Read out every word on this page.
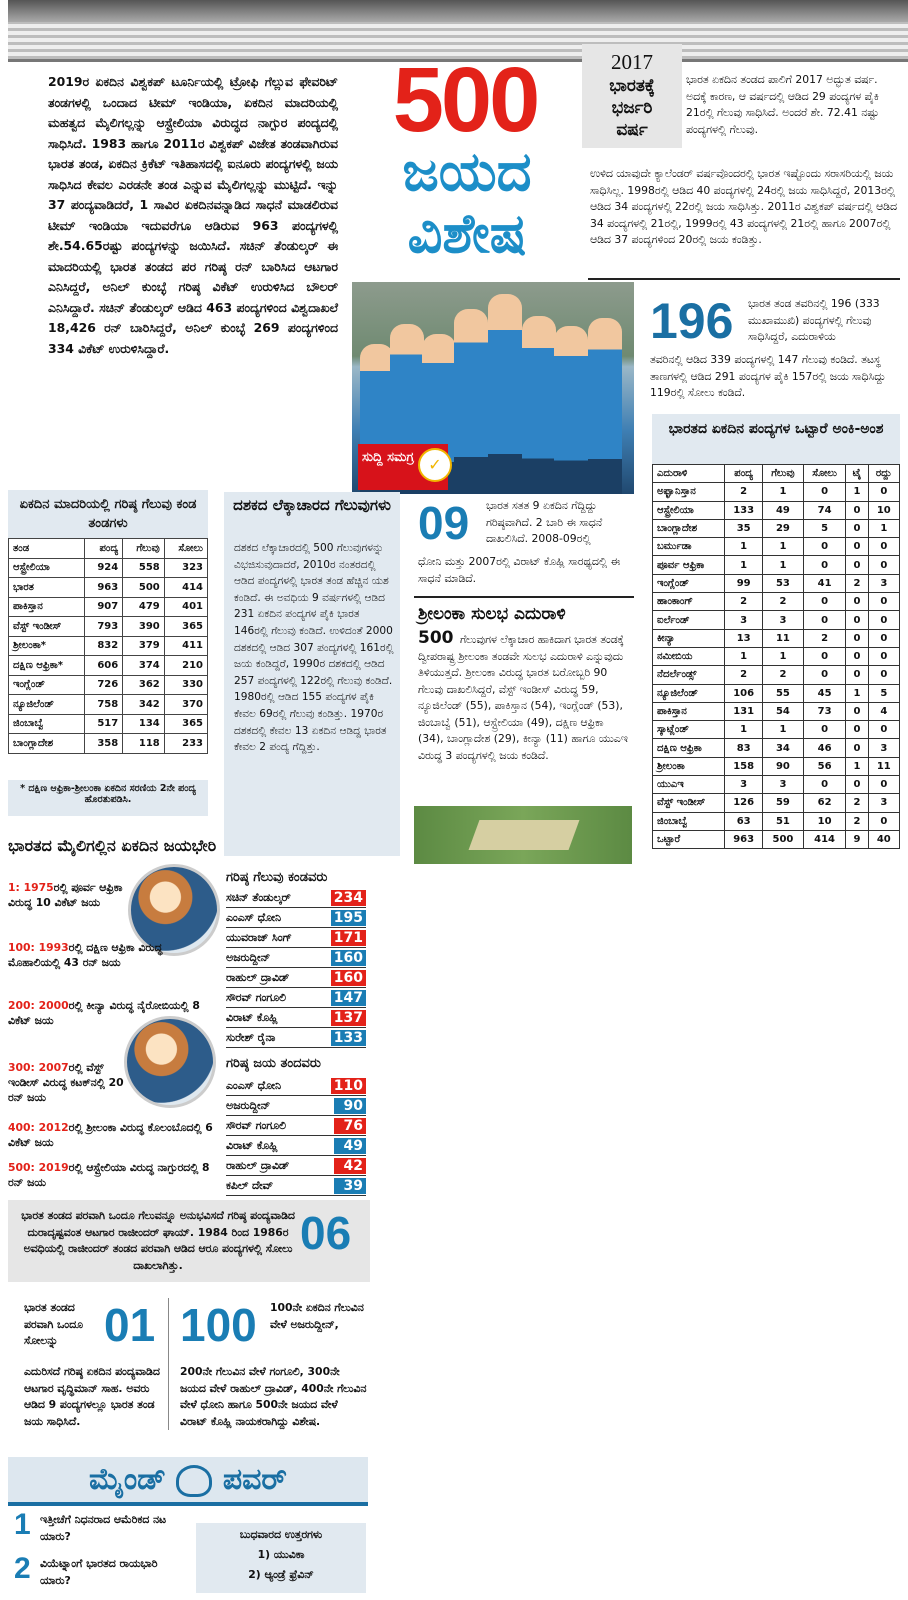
2019ರ ಏಕದಿನ ವಿಶ್ವಕಪ್ ಟೂರ್ನಿಯಲ್ಲಿ ಟ್ರೋಫಿ ಗೆಲ್ಲುವ ಫೇವರಿಟ್ ತಂಡಗಳಲ್ಲಿ ಒಂದಾದ ಟೀಮ್ ಇಂಡಿಯಾ, ಏಕದಿನ ಮಾದರಿಯಲ್ಲಿ ಮಹತ್ವದ ಮೈಲಿಗಲ್ಲನ್ನು ಆಸ್ಟ್ರೇಲಿಯಾ ವಿರುದ್ಧದ ನಾಗ್ಪುರ ಪಂದ್ಯದಲ್ಲಿ ಸಾಧಿಸಿದೆ. 1983 ಹಾಗೂ 2011ರ ವಿಶ್ವಕಪ್ ವಿಜೇತ ತಂಡವಾಗಿರುವ ಭಾರತ ತಂಡ, ಏಕದಿನ ಕ್ರಿಕೆಟ್ ಇತಿಹಾಸದಲ್ಲಿ ಐನೂರು ಪಂದ್ಯಗಳಲ್ಲಿ ಜಯ ಸಾಧಿಸಿದ ಕೇವಲ ಎರಡನೇ ತಂಡ ಎನ್ನುವ ಮೈಲಿಗಲ್ಲನ್ನು ಮುಟ್ಟಿದೆ. ಇನ್ನು 37 ಪಂದ್ಯವಾಡಿದರೆ, 1 ಸಾವಿರ ಏಕದಿನವನ್ನಾಡಿದ ಸಾಧನೆ ಮಾಡಲಿರುವ ಟೀಮ್ ಇಂಡಿಯಾ ಇದುವರೆಗೂ ಆಡಿರುವ 963 ಪಂದ್ಯಗಳಲ್ಲಿ ಶೇ.54.65ರಷ್ಟು ಪಂದ್ಯಗಳನ್ನು ಜಯಿಸಿದೆ. ಸಚಿನ್ ತೆಂಡುಲ್ಕರ್ ಈ ಮಾದರಿಯಲ್ಲಿ ಭಾರತ ತಂಡದ ಪರ ಗರಿಷ್ಠ ರನ್ ಬಾರಿಸಿದ ಆಟಗಾರ ಎನಿಸಿದ್ದರೆ, ಅನಿಲ್ ಕುಂಬ್ಳೆ ಗರಿಷ್ಠ ವಿಕೆಟ್ ಉರುಳಿಸಿದ ಬೌಲರ್ ಎನಿಸಿದ್ದಾರೆ. ಸಚಿನ್ ತೆಂಡುಲ್ಕರ್ ಆಡಿದ 463 ಪಂದ್ಯಗಳಿಂದ ವಿಶ್ವದಾಖಲೆ 18,426 ರನ್ ಬಾರಿಸಿದ್ದರೆ, ಅನಿಲ್ ಕುಂಬ್ಳೆ 269 ಪಂದ್ಯಗಳಿಂದ 334 ವಿಕೆಟ್ ಉರುಳಿಸಿದ್ದಾರೆ.
500
ಜಯದ
ವಿಶೇಷ
2017
ಭಾರತಕ್ಕೆ
ಭರ್ಜರಿ
ವರ್ಷ
ಭಾರತ ಏಕದಿನ ತಂಡದ ಪಾಲಿಗೆ 2017 ಅದ್ಭುತ ವರ್ಷ. ಅದಕ್ಕೆ ಕಾರಣ, ಆ ವರ್ಷದಲ್ಲಿ ಆಡಿದ 29 ಪಂದ್ಯಗಳ ಪೈಕಿ 21ರಲ್ಲಿ ಗೆಲುವು ಸಾಧಿಸಿದೆ. ಅಂದರೆ ಶೇ. 72.41 ನಷ್ಟು ಪಂದ್ಯಗಳಲ್ಲಿ ಗೆಲುವು.
ಉಳಿದ ಯಾವುದೇ ಕ್ಯಾಲೆಂಡರ್ ವರ್ಷವೊಂದರಲ್ಲಿ ಭಾರತ ಇಷ್ಟೊಂದು ಸರಾಸರಿಯಲ್ಲಿ ಜಯ ಸಾಧಿಸಿಲ್ಲ. 1998ರಲ್ಲಿ ಆಡಿದ 40 ಪಂದ್ಯಗಳಲ್ಲಿ 24ರಲ್ಲಿ ಜಯ ಸಾಧಿಸಿದ್ದರೆ, 2013ರಲ್ಲಿ ಆಡಿದ 34 ಪಂದ್ಯಗಳಲ್ಲಿ 22ರಲ್ಲಿ ಜಯ ಸಾಧಿಸಿತ್ತು. 2011ರ ವಿಶ್ವಕಪ್ ವರ್ಷದಲ್ಲಿ ಆಡಿದ 34 ಪಂದ್ಯಗಳಲ್ಲಿ 21ರಲ್ಲಿ, 1999ರಲ್ಲಿ 43 ಪಂದ್ಯಗಳಲ್ಲಿ 21ರಲ್ಲಿ ಹಾಗೂ 2007ರಲ್ಲಿ ಆಡಿದ 37 ಪಂದ್ಯಗಳಿಂದ 20ರಲ್ಲಿ ಜಯ ಕಂಡಿತ್ತು.
ಸುದ್ದಿ ಸಮಗ್ರ ✓
196 ಭಾರತ ತಂಡ ತವರಿನಲ್ಲಿ 196 (333 ಮುಖಾಮುಖಿ) ಪಂದ್ಯಗಳಲ್ಲಿ ಗೆಲುವು ಸಾಧಿಸಿದ್ದರೆ, ಎದುರಾಳಿಯ
ತವರಿನಲ್ಲಿ ಆಡಿದ 339 ಪಂದ್ಯಗಳಲ್ಲಿ 147 ಗೆಲುವು ಕಂಡಿದೆ. ತಟಸ್ಥ ತಾಣಗಳಲ್ಲಿ ಆಡಿದ 291 ಪಂದ್ಯಗಳ ಪೈಕಿ 157ರಲ್ಲಿ ಜಯ ಸಾಧಿಸಿದ್ದು 119ರಲ್ಲಿ ಸೋಲು ಕಂಡಿದೆ.
ಭಾರತದ ಏಕದಿನ ಪಂದ್ಯಗಳ ಒಟ್ಟಾರೆ ಅಂಕಿ-ಅಂಶ
ಎದುರಾಳಿ	ಪಂದ್ಯ	ಗೆಲುವು	ಸೋಲು	ಟೈ	ರದ್ದು
ಅಫ್ಘಾನಿಸ್ತಾನ	2	1	0	1	0
ಆಸ್ಟ್ರೇಲಿಯಾ	133	49	74	0	10
ಬಾಂಗ್ಲಾದೇಶ	35	29	5	0	1
ಬರ್ಮುಡಾ	1	1	0	0	0
ಪೂರ್ವ ಆಫ್ರಿಕಾ	1	1	0	0	0
ಇಂಗ್ಲೆಂಡ್	99	53	41	2	3
ಹಾಂಕಾಂಗ್	2	2	0	0	0
ಐರ್ಲೆಂಡ್	3	3	0	0	0
ಕೀನ್ಯಾ	13	11	2	0	0
ನಮೀಬಿಯ	1	1	0	0	0
ನೆದರ್ಲೆಂಡ್ಸ್	2	2	0	0	0
ನ್ಯೂಜಿಲೆಂಡ್	106	55	45	1	5
ಪಾಕಿಸ್ತಾನ	131	54	73	0	4
ಸ್ಕಾಟ್ಲೆಂಡ್	1	1	0	0	0
ದಕ್ಷಿಣ ಆಫ್ರಿಕಾ	83	34	46	0	3
ಶ್ರೀಲಂಕಾ	158	90	56	1	11
ಯುಎಇ	3	3	0	0	0
ವೆಸ್ಟ್ ಇಂಡೀಸ್	126	59	62	2	3
ಜಿಂಬಾಬ್ವೆ	63	51	10	2	0
ಒಟ್ಟಾರೆ	963	500	414	9	40
ಏಕದಿನ ಮಾದರಿಯಲ್ಲಿ ಗರಿಷ್ಠ ಗೆಲುವು ಕಂಡ ತಂಡಗಳು
ತಂಡ	ಪಂದ್ಯ	ಗೆಲುವು	ಸೋಲು
ಆಸ್ಟ್ರೇಲಿಯಾ	924	558	323
ಭಾರತ	963	500	414
ಪಾಕಿಸ್ತಾನ	907	479	401
ವೆಸ್ಟ್ ಇಂಡೀಸ್	793	390	365
ಶ್ರೀಲಂಕಾ*	832	379	411
ದಕ್ಷಿಣ ಆಫ್ರಿಕಾ*	606	374	210
ಇಂಗ್ಲೆಂಡ್	726	362	330
ನ್ಯೂಜಿಲೆಂಡ್	758	342	370
ಜಿಂಬಾಬ್ವೆ	517	134	365
ಬಾಂಗ್ಲಾದೇಶ	358	118	233
* ದಕ್ಷಿಣ ಆಫ್ರಿಕಾ-ಶ್ರೀಲಂಕಾ ಏಕದಿನ ಸರಣಿಯ 2ನೇ ಪಂದ್ಯ ಹೊರತುಪಡಿಸಿ.
ದಶಕದ ಲೆಕ್ಕಾಚಾರದ ಗೆಲುವುಗಳು
ದಶಕದ ಲೆಕ್ಕಾಚಾರದಲ್ಲಿ 500 ಗೆಲುವುಗಳನ್ನು ವಿಭಜಿಸುವುದಾದರೆ, 2010ರ ನಂತರದಲ್ಲಿ ಆಡಿದ ಪಂದ್ಯಗಳಲ್ಲಿ ಭಾರತ ತಂಡ ಹೆಚ್ಚಿನ ಯಶ ಕಂಡಿದೆ. ಈ ಅವಧಿಯ 9 ವರ್ಷಗಳಲ್ಲಿ ಆಡಿದ 231 ಏಕದಿನ ಪಂದ್ಯಗಳ ಪೈಕಿ ಭಾರತ 146ರಲ್ಲಿ ಗೆಲುವು ಕಂಡಿದೆ. ಉಳಿದಂತೆ 2000 ದಶಕದಲ್ಲಿ ಆಡಿದ 307 ಪಂದ್ಯಗಳಲ್ಲಿ 161ರಲ್ಲಿ ಜಯ ಕಂಡಿದ್ದರೆ, 1990ರ ದಶಕದಲ್ಲಿ ಆಡಿದ 257 ಪಂದ್ಯಗಳಲ್ಲಿ 122ರಲ್ಲಿ ಗೆಲುವು ಕಂಡಿದೆ. 1980ರಲ್ಲಿ ಆಡಿದ 155 ಪಂದ್ಯಗಳ ಪೈಕಿ ಕೇವಲ 69ರಲ್ಲಿ ಗೆಲುವು ಕಂಡಿತ್ತು. 1970ರ ದಶಕದಲ್ಲಿ ಕೇವಲ 13 ಏಕದಿನ ಆಡಿದ್ದ ಭಾರತ ಕೇವಲ 2 ಪಂದ್ಯ ಗೆದ್ದಿತ್ತು.
09 ಭಾರತ ಸತತ 9 ಏಕದಿನ ಗೆದ್ದಿದ್ದು ಗರಿಷ್ಠವಾಗಿದೆ. 2 ಬಾರಿ ಈ ಸಾಧನೆ ದಾಖಲಿಸಿದೆ. 2008-09ರಲ್ಲಿ
ಧೋನಿ ಮತ್ತು 2007ರಲ್ಲಿ ವಿರಾಟ್ ಕೊಹ್ಲಿ ಸಾರಥ್ಯದಲ್ಲಿ ಈ ಸಾಧನೆ ಮಾಡಿದೆ.
ಶ್ರೀಲಂಕಾ ಸುಲಭ ಎದುರಾಳಿ
500 ಗೆಲುವುಗಳ ಲೆಕ್ಕಾಚಾರ ಹಾಕಿದಾಗ ಭಾರತ ತಂಡಕ್ಕೆ ದ್ವೀಪರಾಷ್ಟ್ರ ಶ್ರೀಲಂಕಾ ತಂಡವೇ ಸುಲಭ ಎದುರಾಳಿ ಎನ್ನುವುದು ತಿಳಿಯುತ್ತದೆ. ಶ್ರೀಲಂಕಾ ವಿರುದ್ಧ ಭಾರತ ಬರೋಬ್ಬರಿ 90 ಗೆಲುವು ದಾಖಲಿಸಿದ್ದರೆ, ವೆಸ್ಟ್ ಇಂಡೀಸ್ ವಿರುದ್ಧ 59, ನ್ಯೂಜಿಲೆಂಡ್ (55), ಪಾಕಿಸ್ತಾನ (54), ಇಂಗ್ಲೆಂಡ್ (53), ಜಿಂಬಾಬ್ವೆ (51), ಆಸ್ಟ್ರೇಲಿಯಾ (49), ದಕ್ಷಿಣ ಆಫ್ರಿಕಾ (34), ಬಾಂಗ್ಲಾದೇಶ (29), ಕೀನ್ಯಾ (11) ಹಾಗೂ ಯುಎಇ ವಿರುದ್ಧ 3 ಪಂದ್ಯಗಳಲ್ಲಿ ಜಯ ಕಂಡಿದೆ.
ಭಾರತದ ಮೈಲಿಗಲ್ಲಿನ ಏಕದಿನ ಜಯಭೇರಿ
1: 1975ರಲ್ಲಿ ಪೂರ್ವ ಆಫ್ರಿಕಾ ವಿರುದ್ಧ 10 ವಿಕೆಟ್ ಜಯ
100: 1993ರಲ್ಲಿ ದಕ್ಷಿಣ ಆಫ್ರಿಕಾ ವಿರುದ್ಧ ಮೊಹಾಲಿಯಲ್ಲಿ 43 ರನ್ ಜಯ
200: 2000ರಲ್ಲಿ ಕೀನ್ಯಾ ವಿರುದ್ಧ ನೈರೋಬಿಯಲ್ಲಿ 8 ವಿಕೆಟ್ ಜಯ
300: 2007ರಲ್ಲಿ ವೆಸ್ಟ್ ಇಂಡೀಸ್ ವಿರುದ್ಧ ಕಟಕ್‌ನಲ್ಲಿ 20 ರನ್ ಜಯ
400: 2012ರಲ್ಲಿ ಶ್ರೀಲಂಕಾ ವಿರುದ್ಧ ಕೊಲಂಬೊದಲ್ಲಿ 6 ವಿಕೆಟ್ ಜಯ
500: 2019ರಲ್ಲಿ ಆಸ್ಟ್ರೇಲಿಯಾ ವಿರುದ್ಧ ನಾಗ್ಪುರದಲ್ಲಿ 8 ರನ್ ಜಯ
ಗರಿಷ್ಠ ಗೆಲುವು ಕಂಡವರು
ಸಚಿನ್ ತೆಂಡುಲ್ಕರ್	234
ಎಂಎಸ್ ಧೋನಿ	195
ಯುವರಾಜ್ ಸಿಂಗ್	171
ಅಜರುದ್ದೀನ್	160
ರಾಹುಲ್ ದ್ರಾವಿಡ್	160
ಸೌರವ್ ಗಂಗೂಲಿ	147
ವಿರಾಟ್ ಕೊಹ್ಲಿ	137
ಸುರೇಶ್ ರೈನಾ	133
ಗರಿಷ್ಠ ಜಯ ತಂದವರು
ಎಂಎಸ್ ಧೋನಿ	110
ಅಜರುದ್ದೀನ್	90
ಸೌರವ್ ಗಂಗೂಲಿ	76
ವಿರಾಟ್ ಕೊಹ್ಲಿ	49
ರಾಹುಲ್ ದ್ರಾವಿಡ್	42
ಕಪಿಲ್ ದೇವ್	39
ಭಾರತ ತಂಡದ ಪರವಾಗಿ ಒಂದೂ ಗೆಲುವನ್ನೂ ಅನುಭವಿಸದೆ ಗರಿಷ್ಠ ಪಂದ್ಯವಾಡಿದ ದುರಾದೃಷ್ಟವಂತ ಆಟಗಾರ ರಾಜೀಂದರ್ ಘಾಯ್. 1984 ರಿಂದ 1986ರ ಅವಧಿಯಲ್ಲಿ ರಾಜೀಂದರ್ ತಂಡದ ಪರವಾಗಿ ಆಡಿದ ಆರೂ ಪಂದ್ಯಗಳಲ್ಲಿ ಸೋಲು ದಾಖಲಾಗಿತ್ತು.
06
ಭಾರತ ತಂಡದ ಪರವಾಗಿ ಒಂದೂ ಸೋಲನ್ನು 01
ಎದುರಿಸದೆ ಗರಿಷ್ಠ ಏಕದಿನ ಪಂದ್ಯವಾಡಿದ ಆಟಗಾರ ವೃದ್ಧಿಮಾನ್ ಸಾಹ. ಅವರು ಆಡಿದ 9 ಪಂದ್ಯಗಳಲ್ಲೂ ಭಾರತ ತಂಡ ಜಯ ಸಾಧಿಸಿದೆ.
100 100ನೇ ಏಕದಿನ ಗೆಲುವಿನ ವೇಳೆ ಅಜರುದ್ದೀನ್,
200ನೇ ಗೆಲುವಿನ ವೇಳೆ ಗಂಗೂಲಿ, 300ನೇ ಜಯದ ವೇಳೆ ರಾಹುಲ್ ದ್ರಾವಿಡ್, 400ನೇ ಗೆಲುವಿನ ವೇಳೆ ಧೋನಿ ಹಾಗೂ 500ನೇ ಜಯದ ವೇಳೆ ವಿರಾಟ್ ಕೊಹ್ಲಿ ನಾಯಕರಾಗಿದ್ದು ವಿಶೇಷ.
ಮೈಂಡ್ ಪವರ್
1 ಇತ್ತೀಚೆಗೆ ನಿಧನರಾದ ಆಮೆರಿಕದ ನಟ ಯಾರು?
2 ವಿಯೆಟ್ನಾಂಗೆ ಭಾರತದ ರಾಯಭಾರಿ ಯಾರು?
ಬುಧವಾರದ ಉತ್ತರಗಳು
1) ಯುವಿಕಾ
2) ಆ್ಯಂಡ್ರೆ ಫ್ರೆವಿನ್
